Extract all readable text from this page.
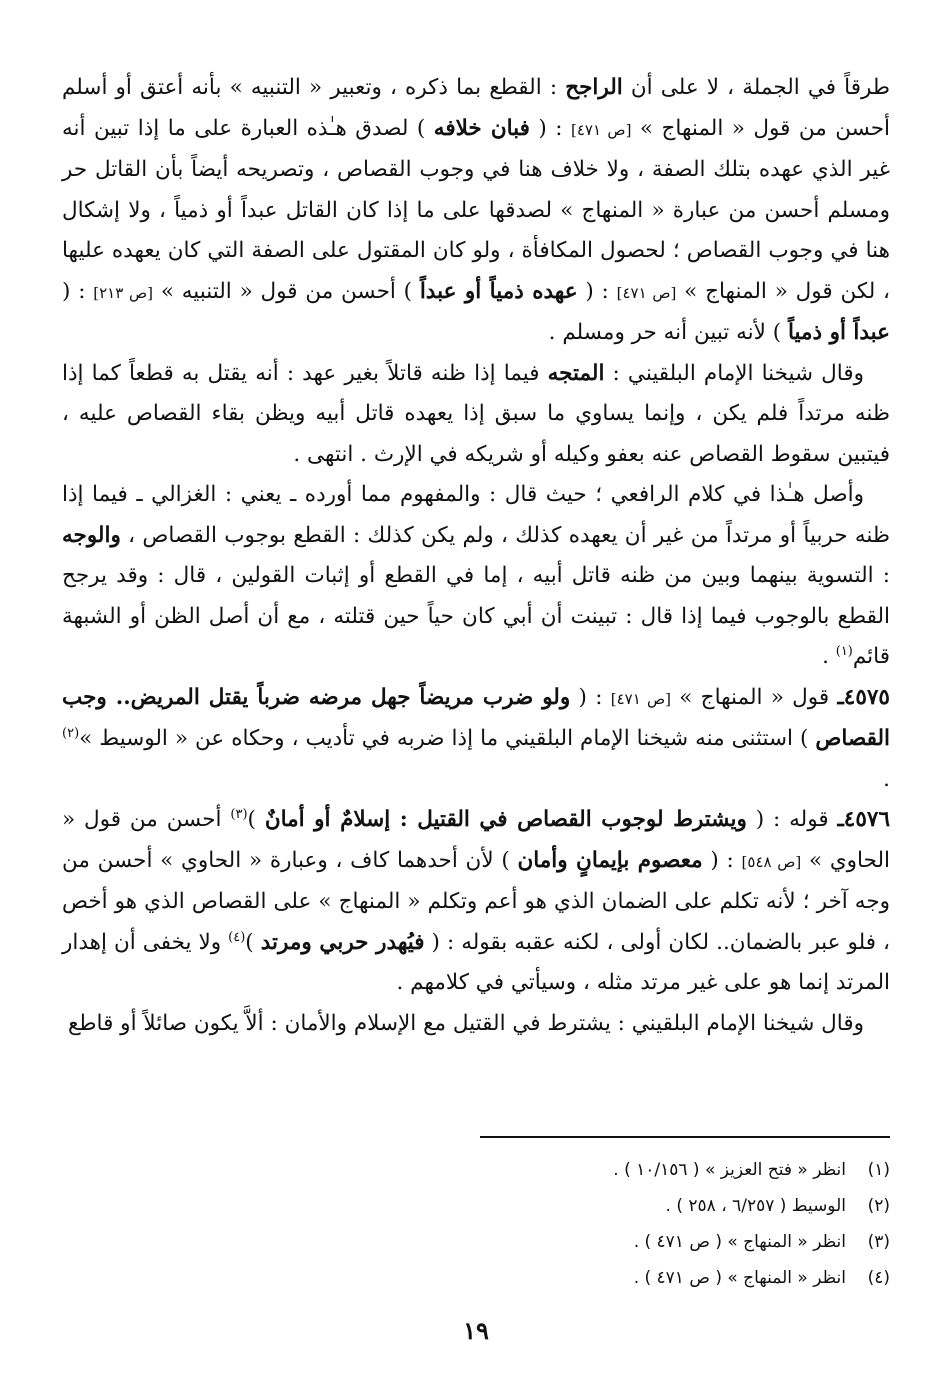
طرقاً في الجملة ، لا على أن الراجح : القطع بما ذكره ، وتعبير « التنبيه » بأنه أعتق أو أسلم أحسن من قول « المنهاج » [ص ٤٧١] : ( فبان خلافه ) لصدق هـٰذه العبارة على ما إذا تبين أنه غير الذي عهده بتلك الصفة ، ولا خلاف هنا في وجوب القصاص ، وتصريحه أيضاً بأن القاتل حر ومسلم أحسن من عبارة « المنهاج » لصدقها على ما إذا كان القاتل عبداً أو ذمياً ، ولا إشكال هنا في وجوب القصاص ؛ لحصول المكافأة ، ولو كان المقتول على الصفة التي كان يعهده عليها ، لكن قول « المنهاج » [ص ٤٧١] : ( عهده ذمياً أو عبداً ) أحسن من قول « التنبيه » [ص ٢١٣] : ( عبداً أو ذمياً ) لأنه تبين أنه حر ومسلم .

وقال شيخنا الإمام البلقيني : المتجه فيما إذا ظنه قاتلاً بغير عهد : أنه يقتل به قطعاً كما إذا ظنه مرتداً فلم يكن ، وإنما يساوي ما سبق إذا يعهده قاتل أبيه ويظن بقاء القصاص عليه ، فيتبين سقوط القصاص عنه بعفو وكيله أو شريكه في الإرث . انتهى .

وأصل هـٰذا في كلام الرافعي ؛ حيث قال : والمفهوم مما أورده ـ يعني : الغزالي ـ فيما إذا ظنه حربياً أو مرتداً من غير أن يعهده كذلك ، ولم يكن كذلك : القطع بوجوب القصاص ، والوجه : التسوية بينهما وبين من ظنه قاتل أبيه ، إما في القطع أو إثبات القولين ، قال : وقد يرجح القطع بالوجوب فيما إذا قال : تبينت أن أبي كان حياً حين قتلته ، مع أن أصل الظن أو الشبهة قائم$^{(١)}$ .

٤٥٧٥ـ قول « المنهاج » [ص ٤٧١] : ( ولو ضرب مريضاً جهل مرضه ضرباً يقتل المريض.. وجب القصاص ) استثنى منه شيخنا الإمام البلقيني ما إذا ضربه في تأديب ، وحكاه عن « الوسيط »$^{(٢)}$ .

٤٥٧٦ـ قوله : ( ويشترط لوجوب القصاص في القتيل : إسلامٌ أو أمانٌ )$^{(٣)}$ أحسن من قول « الحاوي » [ص ٥٤٨] : ( معصوم بإيمانٍ وأمان ) لأن أحدهما كاف ، وعبارة « الحاوي » أحسن من وجه آخر ؛ لأنه تكلم على الضمان الذي هو أعم وتكلم « المنهاج » على القصاص الذي هو أخص ، فلو عبر بالضمان.. لكان أولى ، لكنه عقبه بقوله : ( فيُهدر حربي ومرتد )$^{(٤)}$ ولا يخفى أن إهدار المرتد إنما هو على غير مرتد مثله ، وسيأتي في كلامهم .

وقال شيخنا الإمام البلقيني : يشترط في القتيل مع الإسلام والأمان : ألاَّ يكون صائلاً أو قاطع

(١)انظر « فتح العزيز » ( ١٠/١٥٦ ) .
(٢)الوسيط ( ٦/٢٥٧ ، ٢٥٨ ) .
(٣)انظر « المنهاج » ( ص ٤٧١ ) .
(٤)انظر « المنهاج » ( ص ٤٧١ ) .
١٩
